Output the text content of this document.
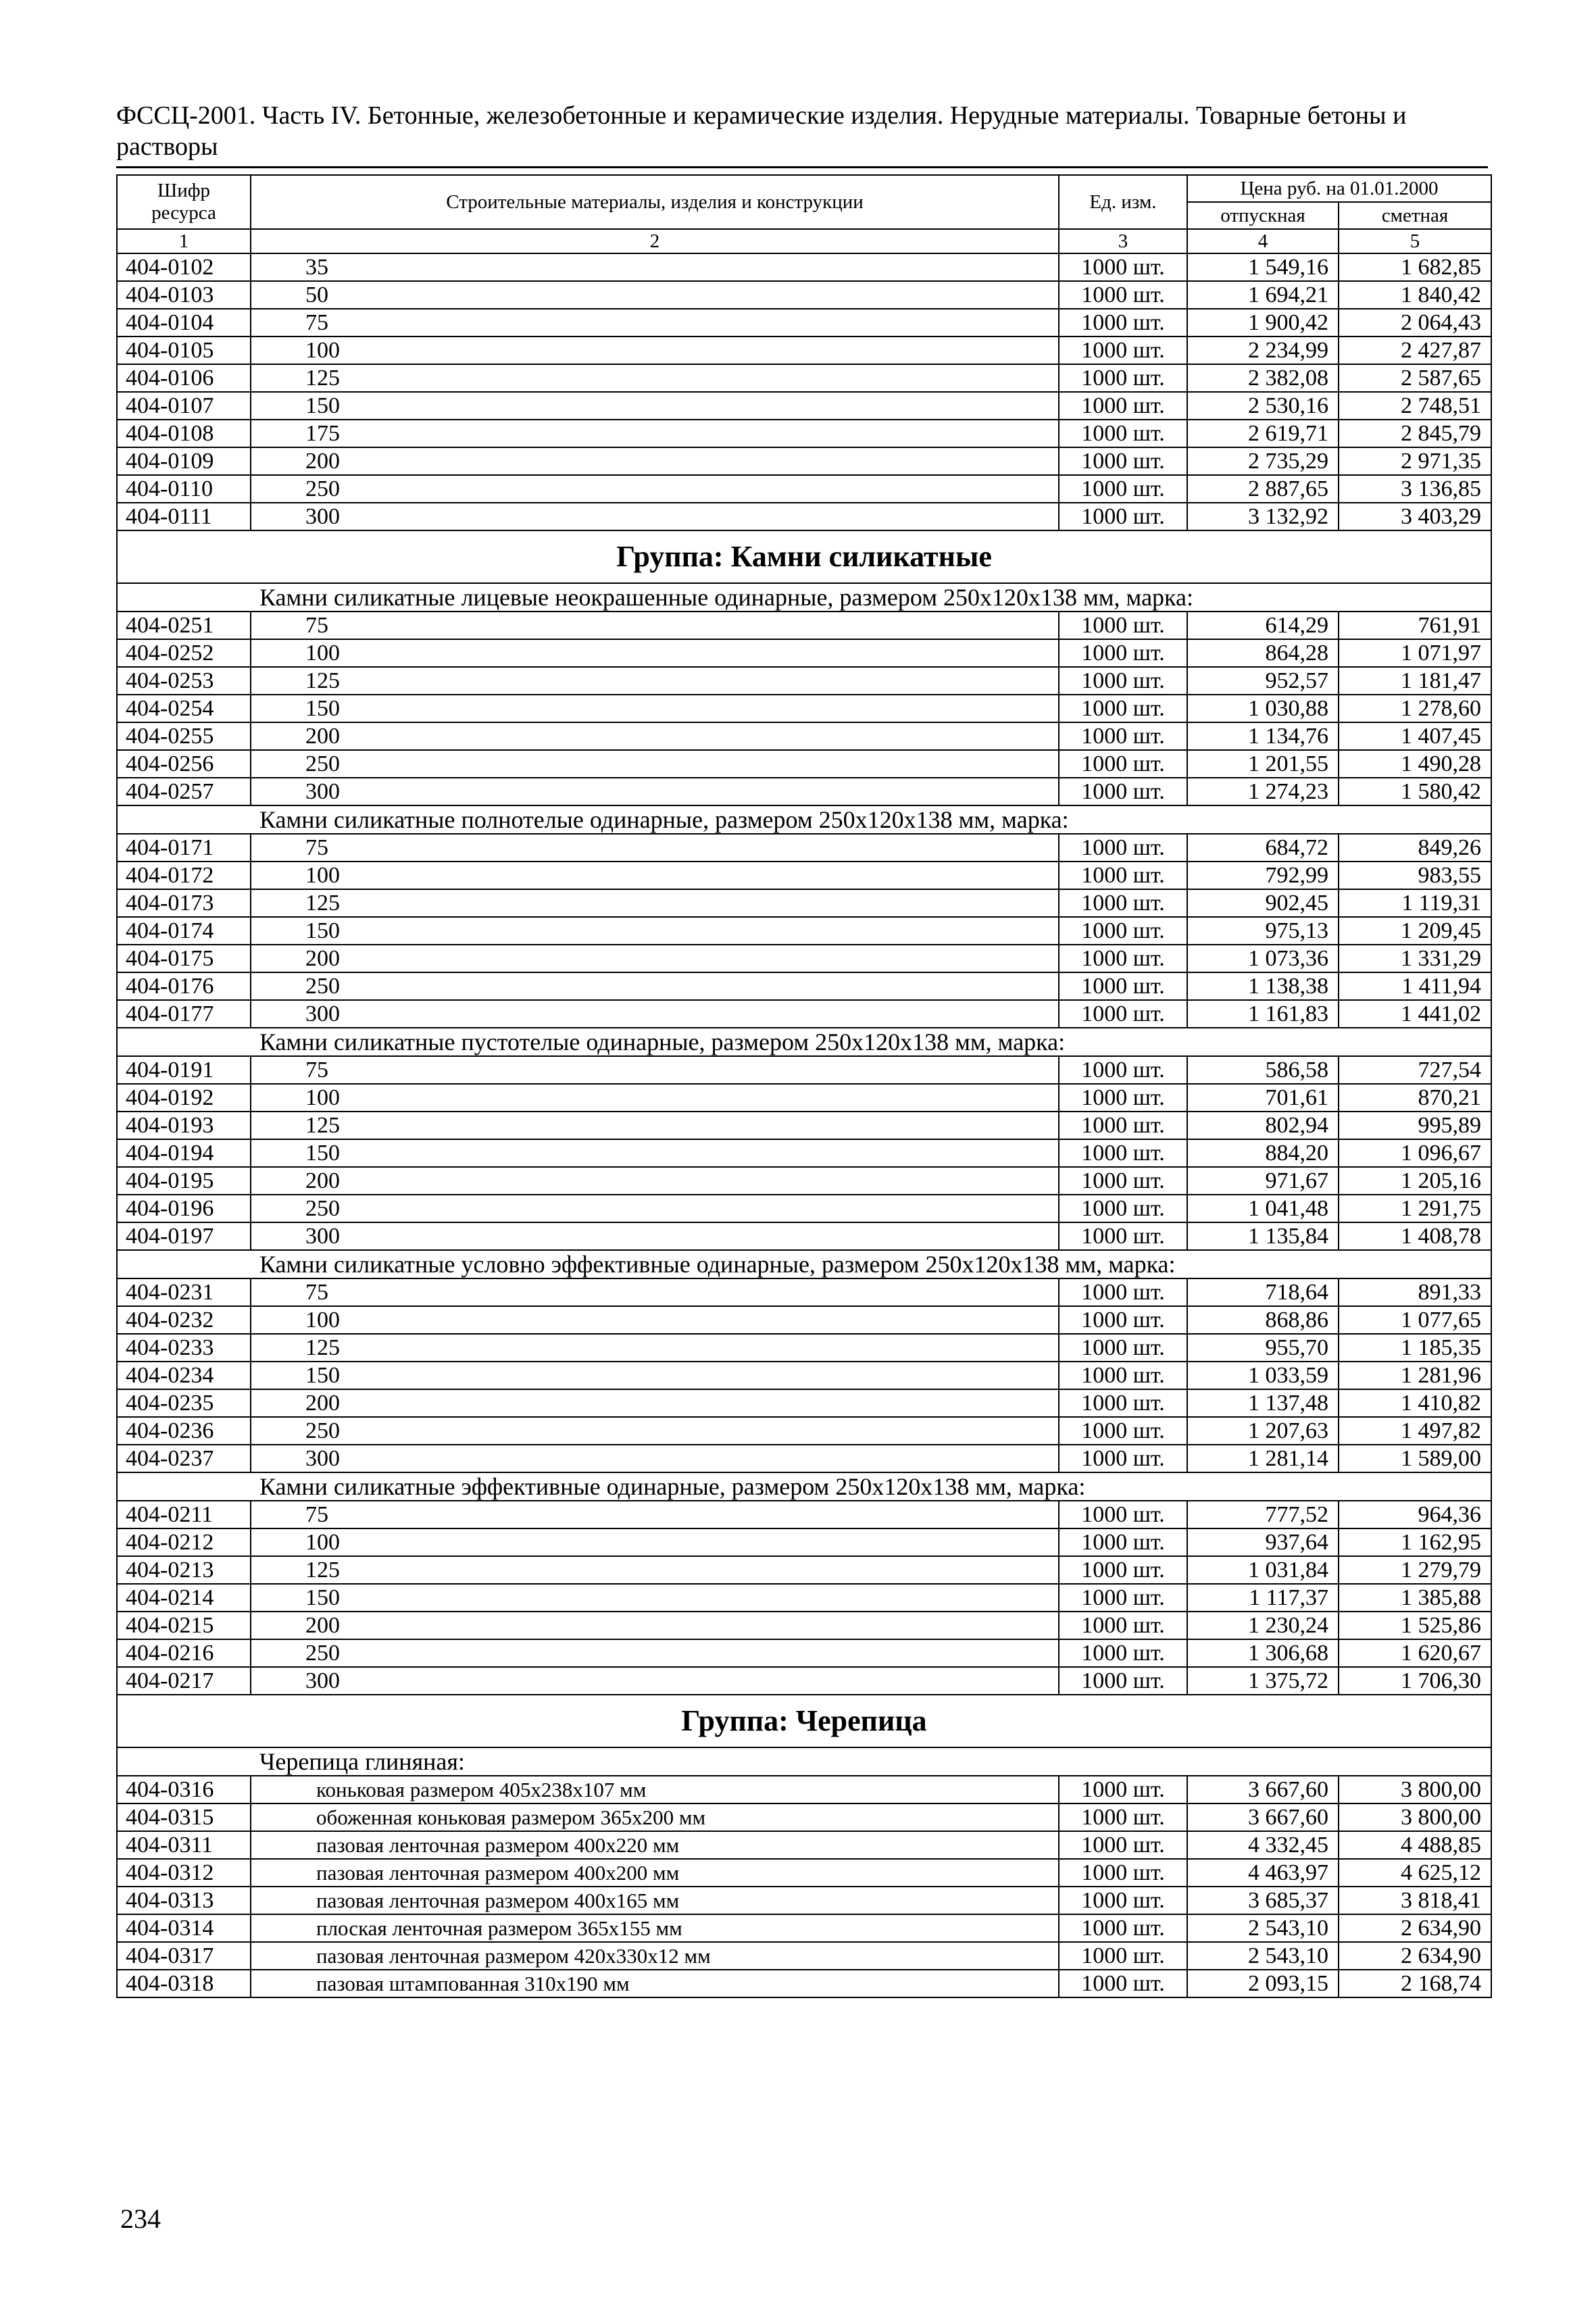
ФССЦ-2001. Часть IV. Бетонные, железобетонные и керамические изделия. Нерудные материалы. Товарные бетоны и растворы
Шифр ресурса	Строительные материалы, изделия и конструкции	Ед. изм.	Цена руб. на 01.01.2000	
			отпускная	сметная
1	2	3	4	5
404-0102	35	1000 шт.	1 549,16	1 682,85
404-0103	50	1000 шт.	1 694,21	1 840,42
404-0104	75	1000 шт.	1 900,42	2 064,43
404-0105	100	1000 шт.	2 234,99	2 427,87
404-0106	125	1000 шт.	2 382,08	2 587,65
404-0107	150	1000 шт.	2 530,16	2 748,51
404-0108	175	1000 шт.	2 619,71	2 845,79
404-0109	200	1000 шт.	2 735,29	2 971,35
404-0110	250	1000 шт.	2 887,65	3 136,85
404-0111	300	1000 шт.	3 132,92	3 403,29
Группа: Камни силикатные				
Камни силикатные лицевые неокрашенные одинарные, размером 250x120x138 мм, марка:				
404-0251	75	1000 шт.	614,29	761,91
404-0252	100	1000 шт.	864,28	1 071,97
404-0253	125	1000 шт.	952,57	1 181,47
404-0254	150	1000 шт.	1 030,88	1 278,60
404-0255	200	1000 шт.	1 134,76	1 407,45
404-0256	250	1000 шт.	1 201,55	1 490,28
404-0257	300	1000 шт.	1 274,23	1 580,42
Камни силикатные полнотелые одинарные, размером 250x120x138 мм, марка:				
404-0171	75	1000 шт.	684,72	849,26
404-0172	100	1000 шт.	792,99	983,55
404-0173	125	1000 шт.	902,45	1 119,31
404-0174	150	1000 шт.	975,13	1 209,45
404-0175	200	1000 шт.	1 073,36	1 331,29
404-0176	250	1000 шт.	1 138,38	1 411,94
404-0177	300	1000 шт.	1 161,83	1 441,02
Камни силикатные пустотелые одинарные, размером 250x120x138 мм, марка:				
404-0191	75	1000 шт.	586,58	727,54
404-0192	100	1000 шт.	701,61	870,21
404-0193	125	1000 шт.	802,94	995,89
404-0194	150	1000 шт.	884,20	1 096,67
404-0195	200	1000 шт.	971,67	1 205,16
404-0196	250	1000 шт.	1 041,48	1 291,75
404-0197	300	1000 шт.	1 135,84	1 408,78
Камни силикатные условно эффективные одинарные, размером 250x120x138 мм, марка:				
404-0231	75	1000 шт.	718,64	891,33
404-0232	100	1000 шт.	868,86	1 077,65
404-0233	125	1000 шт.	955,70	1 185,35
404-0234	150	1000 шт.	1 033,59	1 281,96
404-0235	200	1000 шт.	1 137,48	1 410,82
404-0236	250	1000 шт.	1 207,63	1 497,82
404-0237	300	1000 шт.	1 281,14	1 589,00
Камни силикатные эффективные одинарные, размером 250x120x138 мм, марка:				
404-0211	75	1000 шт.	777,52	964,36
404-0212	100	1000 шт.	937,64	1 162,95
404-0213	125	1000 шт.	1 031,84	1 279,79
404-0214	150	1000 шт.	1 117,37	1 385,88
404-0215	200	1000 шт.	1 230,24	1 525,86
404-0216	250	1000 шт.	1 306,68	1 620,67
404-0217	300	1000 шт.	1 375,72	1 706,30
Группа: Черепица				
Черепица глиняная:				
404-0316	коньковая размером 405x238x107 мм	1000 шт.	3 667,60	3 800,00
404-0315	обоженная коньковая размером 365x200 мм	1000 шт.	3 667,60	3 800,00
404-0311	пазовая ленточная размером 400x220 мм	1000 шт.	4 332,45	4 488,85
404-0312	пазовая ленточная размером 400x200 мм	1000 шт.	4 463,97	4 625,12
404-0313	пазовая ленточная размером 400x165 мм	1000 шт.	3 685,37	3 818,41
404-0314	плоская ленточная размером 365x155 мм	1000 шт.	2 543,10	2 634,90
404-0317	пазовая ленточная размером 420x330x12 мм	1000 шт.	2 543,10	2 634,90
404-0318	пазовая штампованная 310x190 мм	1000 шт.	2 093,15	2 168,74
234
